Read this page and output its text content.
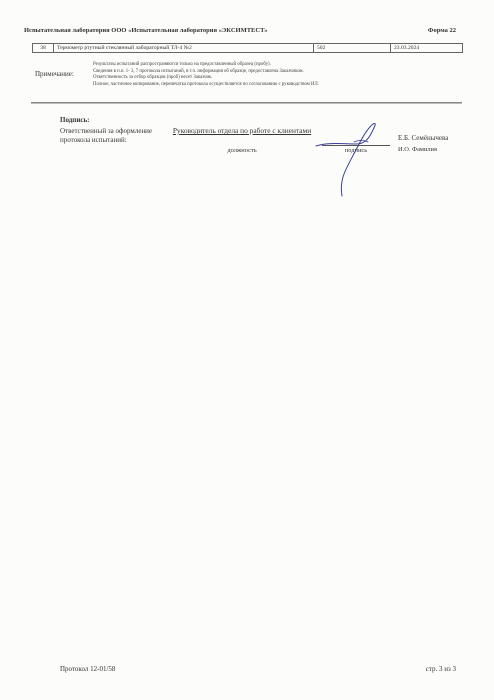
Испытательная лаборатория ООО «Испытательная лаборатория «ЭКСИМТЕСТ»	Форма 22
38	Термометр ртутный стеклянный лабораторный ТЛ-4 №2	502	23.03.2024
Примечание:
Результаты испытаний распространяются только на предоставленный образец (пробу).
Сведения в п.п. 1- 3, 7 протокола испытаний, в т.ч. информация об образце, предоставлена Заказчиком.
Ответственность за отбор образцов (проб) несет Заказчик.
Полное, частичное копирование, перепечатка протокола осуществляется по согласованию с руководством ИЛ.
Подпись:
Ответственный за оформление протокола испытаний:
Руководитель отдела по работе с клиентами
должность	подпись
Е.Б. Семёнычева
И.О. Фамилия
Протокол 12-01/58	стр. 3 из 3
